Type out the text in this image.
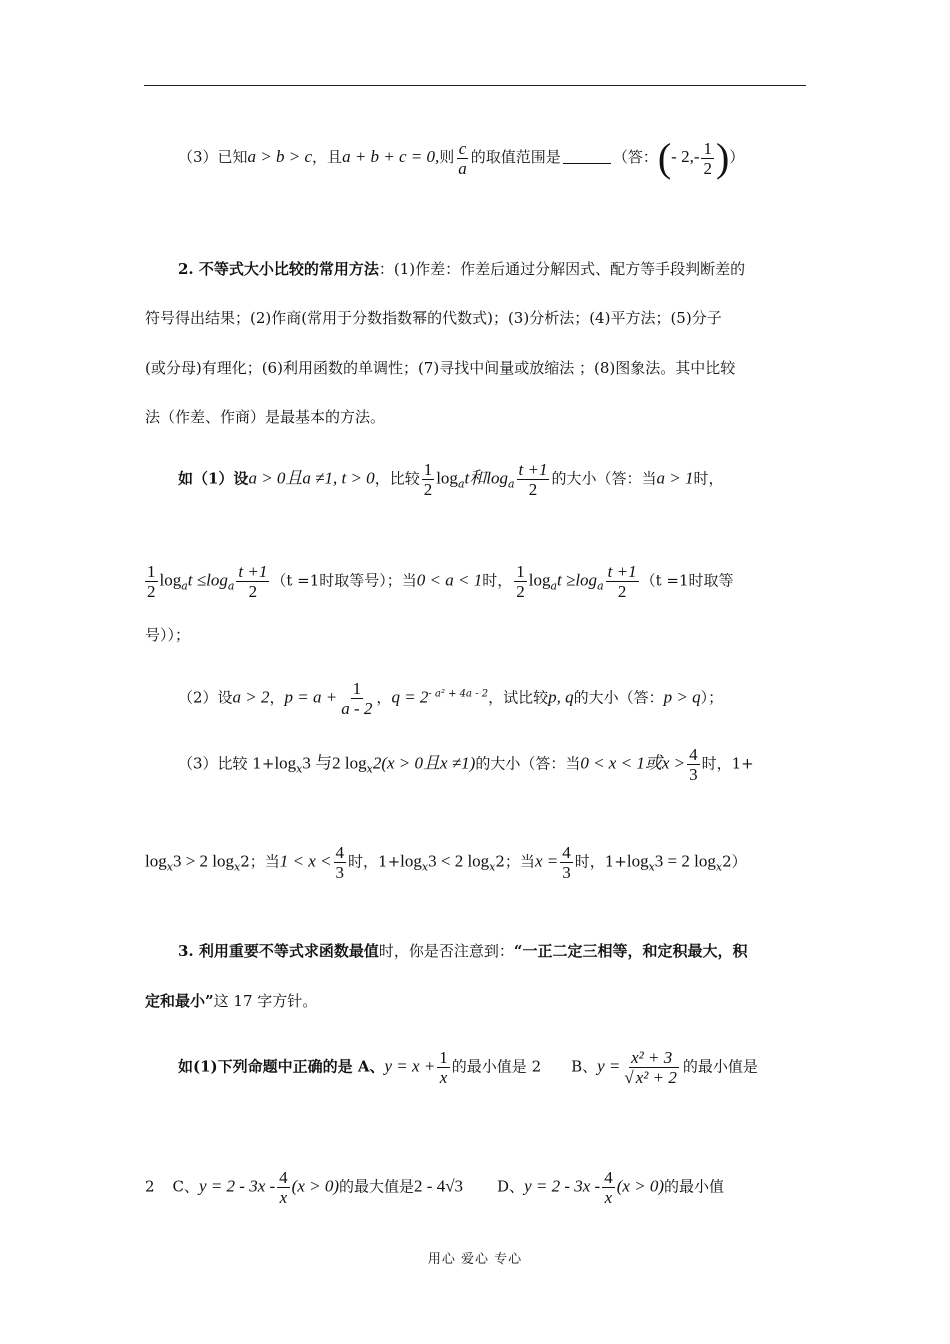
（3）已知a > b > c，且a + b + c = 0,则 $\frac{c}{a}$ 的取值范围是	（答：(- $2,- \frac{1}{2}$ )）
2. 不等式大小比较的常用方法：(1)作差：作差后通过分解因式、配方等手段判断差的
符号得出结果；(2)作商(常用于分数指数幂的代数式)；(3)分析法；(4)平方法；(5)分子
(或分母)有理化；(6)利用函数的单调性；(7)寻找中间量或放缩法 ；(8)图象法。其中比较
法（作差、作商）是最基本的方法。
如（1）设a > 0且a ≠1, t > 0，比较 $\frac{1}{2} \log_at$和$\log_a \frac{t +1}{2}$ 的大小（答：当a > 1时，
$\frac{1}{2} \log_at \le\log_a \frac{t +1}{2} (t =1$时取等号）；当0 < a < 1时， $\frac{1}{2} \log_at \ge\log_a \frac{t +1}{2} (t =1$时取等
号））；
（2）设a > 2，$p = a + \frac{1}{a - 2}$ ，$q = 2^{- a^2 + 4a - 2}$，试比较p, q的大小（答：p > q）；
（3）比较 $1+\log_x3$ 与2 $\log_x2(x > 0$且x ≠1)的大小（答：当0 < x < 1或$x > \frac{4}{3}$ 时，1+
$\log_x3 > 2$ $\log_x2$；当$1 < x < \frac{4}{3}$ 时，$1+\log_x3 < 2$ $\log_x2$；当$x = \frac{4}{3}$ 时，$1+\log_x3 = 2$ $\log_x2$）
3. 利用重要不等式求函数最值时，你是否注意到：“一正二定三相等，和定积最大，积
定和最小”这 17 字方针。
如(1)下列命题中正确的是 A、$y = x + \frac{1}{x}$ 的最小值是 2 B、$y = \frac{\text{x² + 3}}{\text{√ x² + 2}}$ 的最小值是
2 C、$y = 2 - 3x - \frac{4}{x} (x > 0)$的最大值是2 - 4√3 D、$y = 2 - 3x - \frac{4}{x} (x > 0)$的最小值
用心 爱心 专心
